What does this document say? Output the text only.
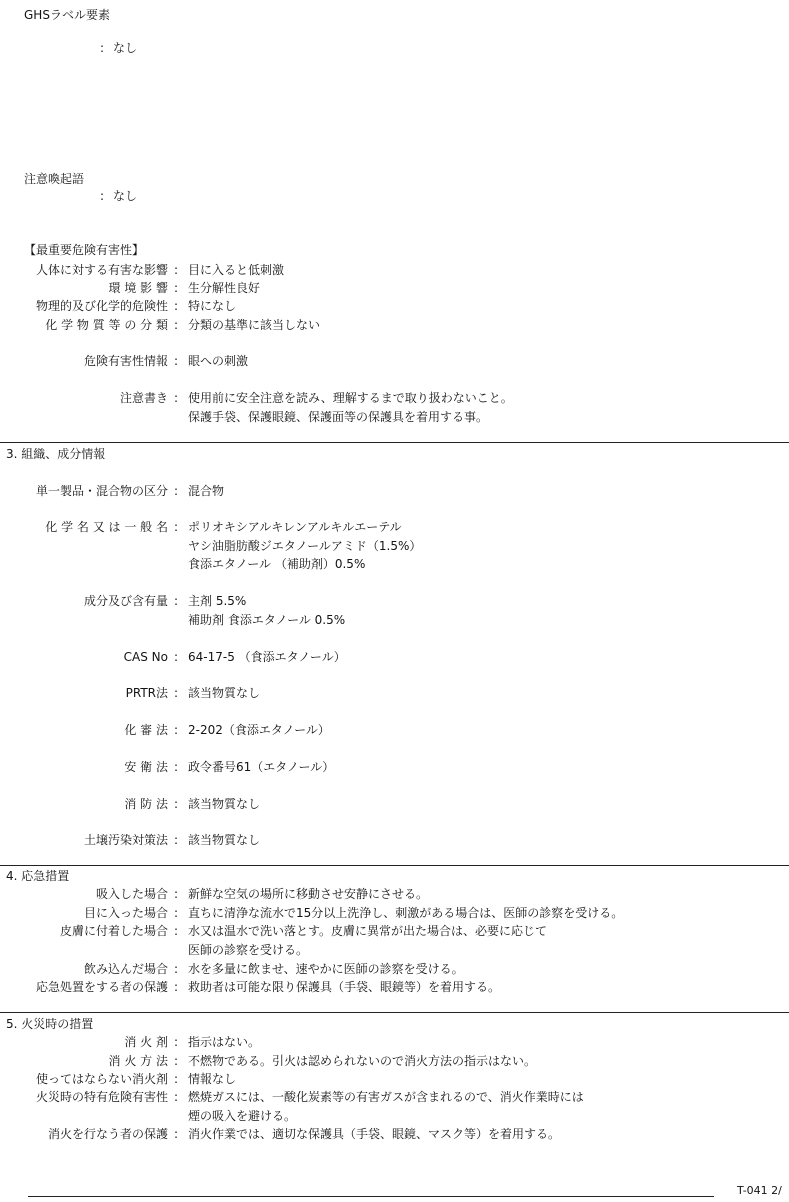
GHSラベル要素
: なし
注意喚起語
: なし
【最重要危険有害性】
人体に対する有害な影響 : 目に入ると低刺激
環 境 影 響 : 生分解性良好
物理的及び化学的危険性 : 特になし
化 学 物 質 等 の 分 類 : 分類の基準に該当しない
危険有害性情報 : 眼への刺激
注意書き : 使用前に安全注意を読み、理解するまで取り扱わないこと。
保護手袋、保護眼鏡、保護面等の保護具を着用する事。
3. 組織、成分情報
単一製品・混合物の区分 : 混合物
化 学 名 又 は 一 般 名 : ポリオキシアルキレンアルキルエーテル
ヤシ油脂肪酸ジエタノールアミド（1.5%）
食添エタノール （補助剤）0.5%
成分及び含有量 : 主剤 5.5%
補助剤 食添エタノール 0.5%
CAS No : 64-17-5 （食添エタノール）
PRTR法 : 該当物質なし
化 審 法 : 2-202（食添エタノール）
安 衛 法 : 政令番号61（エタノール）
消 防 法 : 該当物質なし
土壌汚染対策法 : 該当物質なし
4. 応急措置
吸入した場合 : 新鮮な空気の場所に移動させ安静にさせる。
目に入った場合 : 直ちに清浄な流水で15分以上洗浄し、刺激がある場合は、医師の診察を受ける。
皮膚に付着した場合 : 水又は温水で洗い落とす。皮膚に異常が出た場合は、必要に応じて
医師の診察を受ける。
飲み込んだ場合 : 水を多量に飲ませ、速やかに医師の診察を受ける。
応急処置をする者の保護 : 救助者は可能な限り保護具（手袋、眼鏡等）を着用する。
5. 火災時の措置
消 火 剤 : 指示はない。
消 火 方 法 : 不燃物である。引火は認められないので消火方法の指示はない。
使ってはならない消火剤 : 情報なし
火災時の特有危険有害性 : 燃焼ガスには、一酸化炭素等の有害ガスが含まれるので、消火作業時には
煙の吸入を避ける。
消火を行なう者の保護 : 消火作業では、適切な保護具（手袋、眼鏡、マスク等）を着用する。
T-041 2/
